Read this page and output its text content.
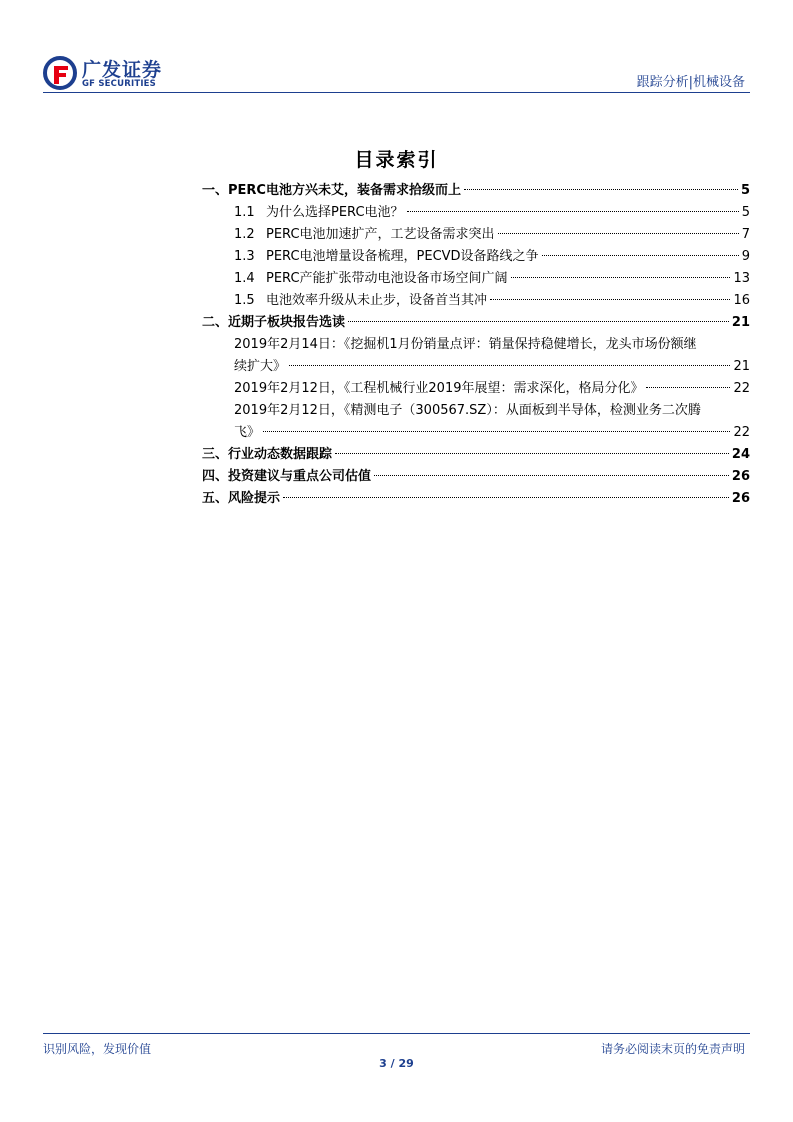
广发证券
GF SECURITIES	跟踪分析|机械设备
目录索引
一、PERC电池方兴未艾，装备需求拾级而上	5
1.1 为什么选择PERC电池？	5
1.2 PERC电池加速扩产，工艺设备需求突出	7
1.3 PERC电池增量设备梳理，PECVD设备路线之争	9
1.4 PERC产能扩张带动电池设备市场空间广阔	13
1.5 电池效率升级从未止步，设备首当其冲	16
二、近期子板块报告选读	21
2019年2月14日：《挖掘机1月份销量点评：销量保持稳健增长，龙头市场份额继
续扩大》	21
2019年2月12日，《工程机械行业2019年展望：需求深化，格局分化》	22
2019年2月12日，《精测电子（300567.SZ）：从面板到半导体，检测业务二次腾
飞》	22
三、行业动态数据跟踪	24
四、投资建议与重点公司估值	26
五、风险提示	26
识别风险，发现价值	请务必阅读末页的免责声明
3 / 29
